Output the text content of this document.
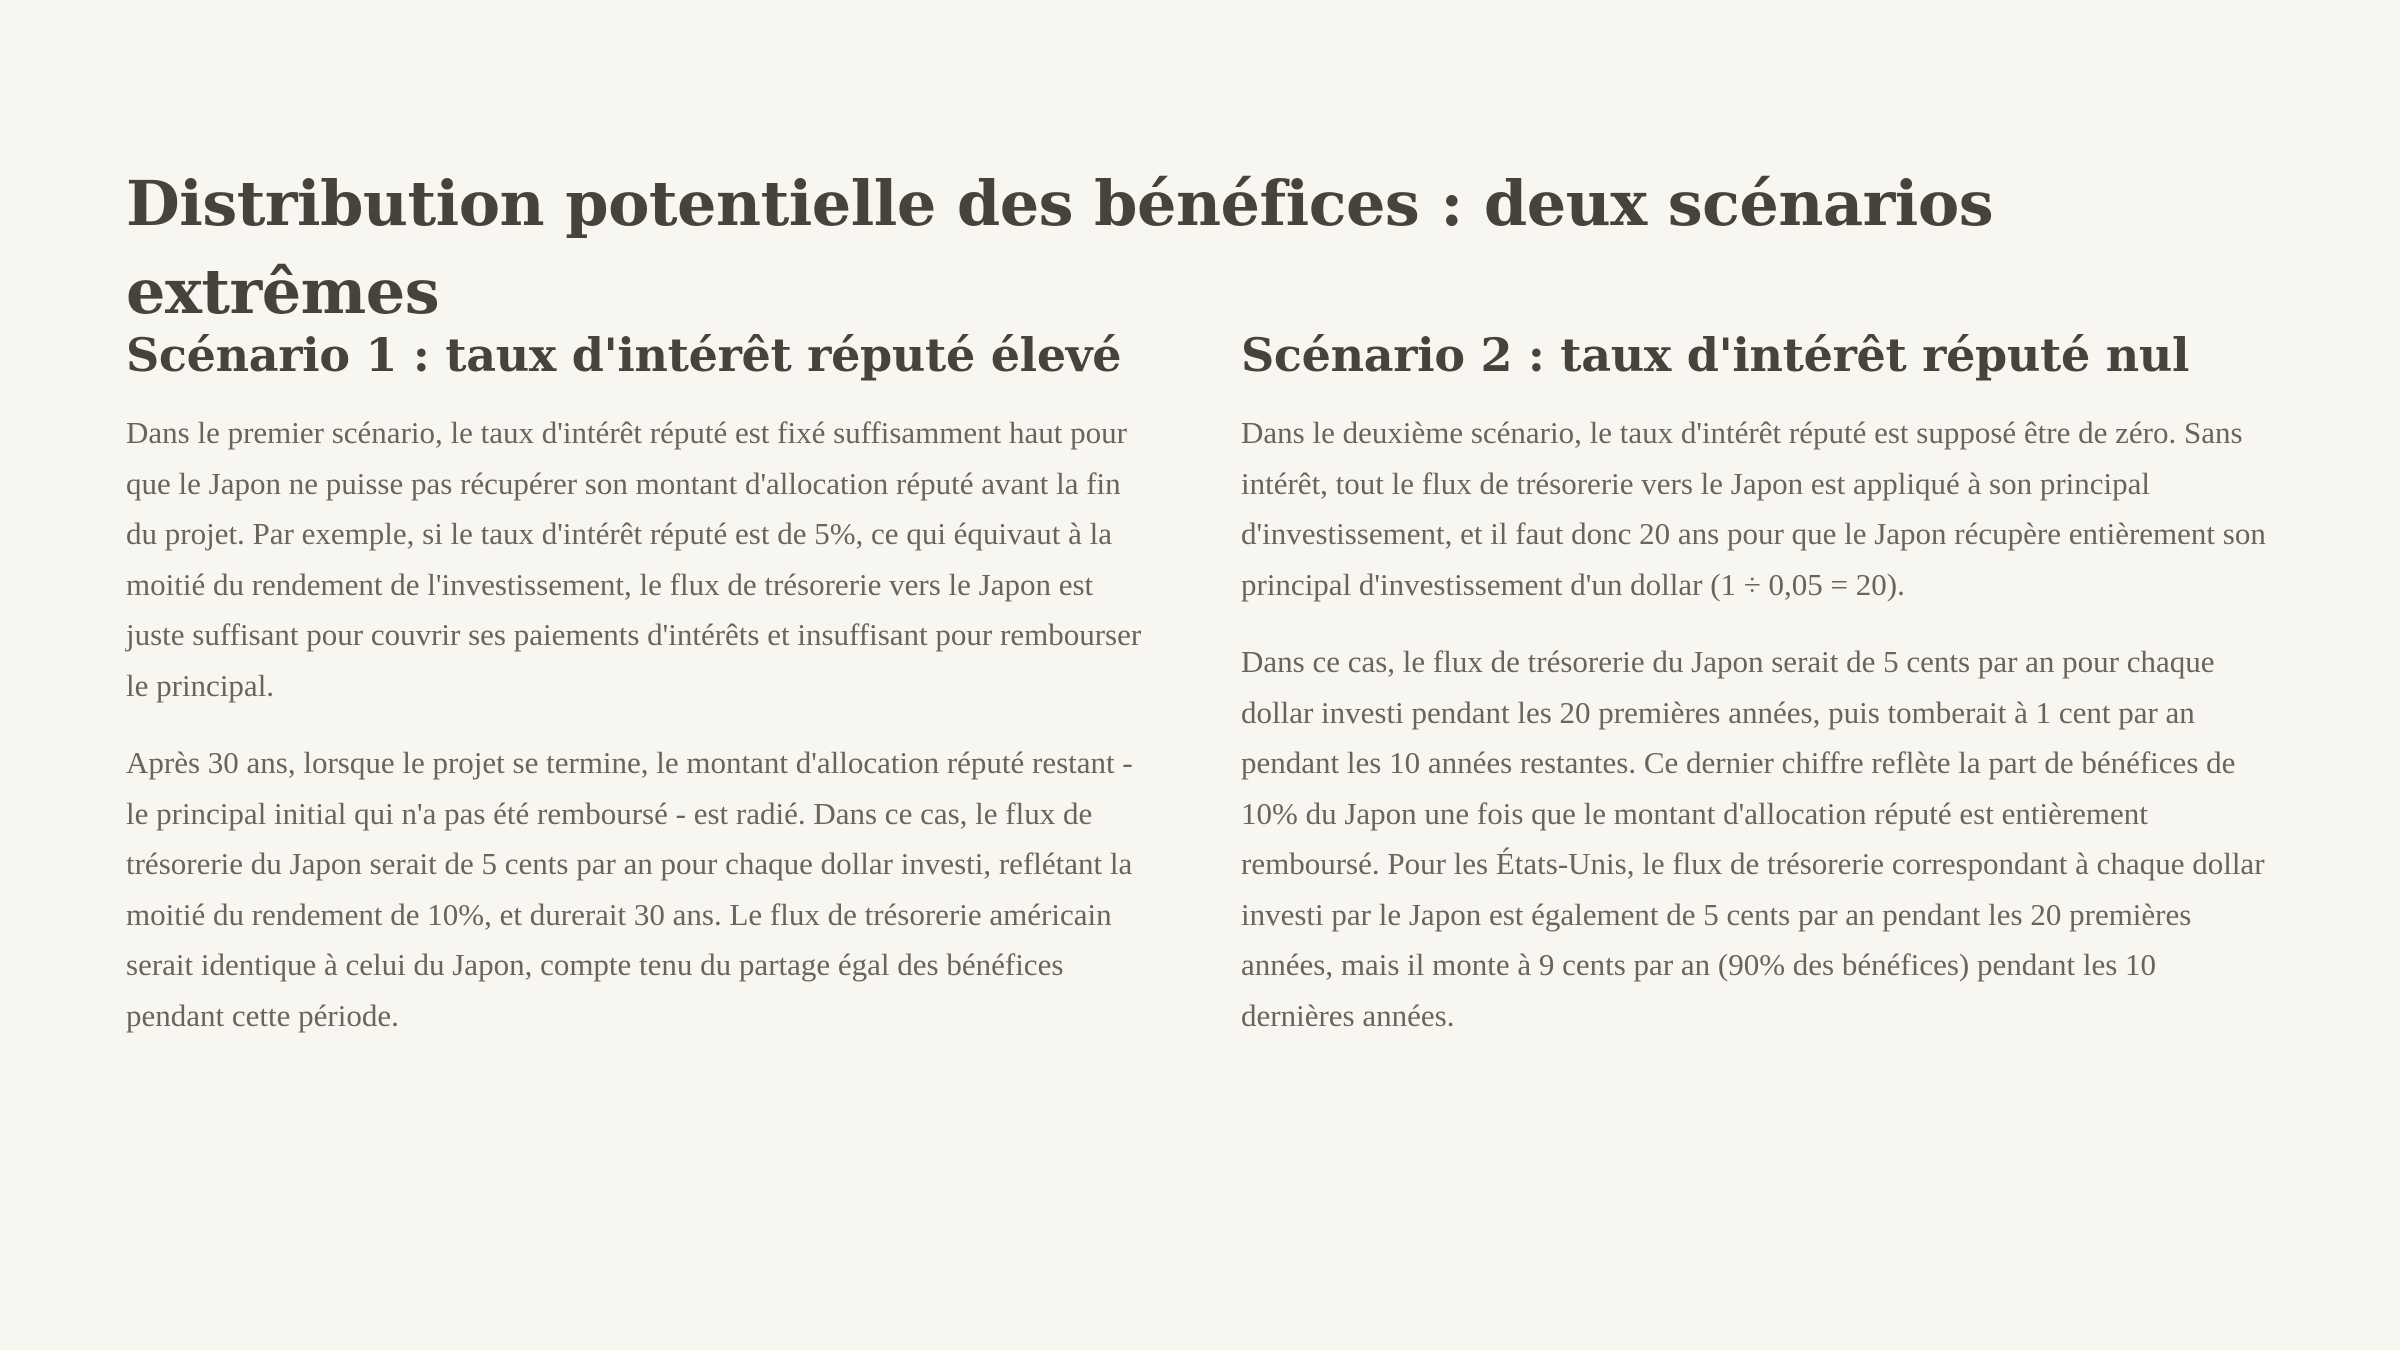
Distribution potentielle des bénéfices : deux scénarios extrêmes
Scénario 1 : taux d'intérêt réputé élevé

Dans le premier scénario, le taux d'intérêt réputé est fixé suffisamment haut pour que le Japon ne puisse pas récupérer son montant d'allocation réputé avant la fin du projet. Par exemple, si le taux d'intérêt réputé est de 5%, ce qui équivaut à la moitié du rendement de l'investissement, le flux de trésorerie vers le Japon est juste suffisant pour couvrir ses paiements d'intérêts et insuffisant pour rembourser le principal.

Après 30 ans, lorsque le projet se termine, le montant d'allocation réputé restant - le principal initial qui n'a pas été remboursé - est radié. Dans ce cas, le flux de trésorerie du Japon serait de 5 cents par an pour chaque dollar investi, reflétant la moitié du rendement de 10%, et durerait 30 ans. Le flux de trésorerie américain serait identique à celui du Japon, compte tenu du partage égal des bénéfices pendant cette période.

Scénario 2 : taux d'intérêt réputé nul

Dans le deuxième scénario, le taux d'intérêt réputé est supposé être de zéro. Sans intérêt, tout le flux de trésorerie vers le Japon est appliqué à son principal d'investissement, et il faut donc 20 ans pour que le Japon récupère entièrement son principal d'investissement d'un dollar (1 ÷ 0,05 = 20).

Dans ce cas, le flux de trésorerie du Japon serait de 5 cents par an pour chaque dollar investi pendant les 20 premières années, puis tomberait à 1 cent par an pendant les 10 années restantes. Ce dernier chiffre reflète la part de bénéfices de 10% du Japon une fois que le montant d'allocation réputé est entièrement remboursé. Pour les États-Unis, le flux de trésorerie correspondant à chaque dollar investi par le Japon est également de 5 cents par an pendant les 20 premières années, mais il monte à 9 cents par an (90% des bénéfices) pendant les 10 dernières années.
